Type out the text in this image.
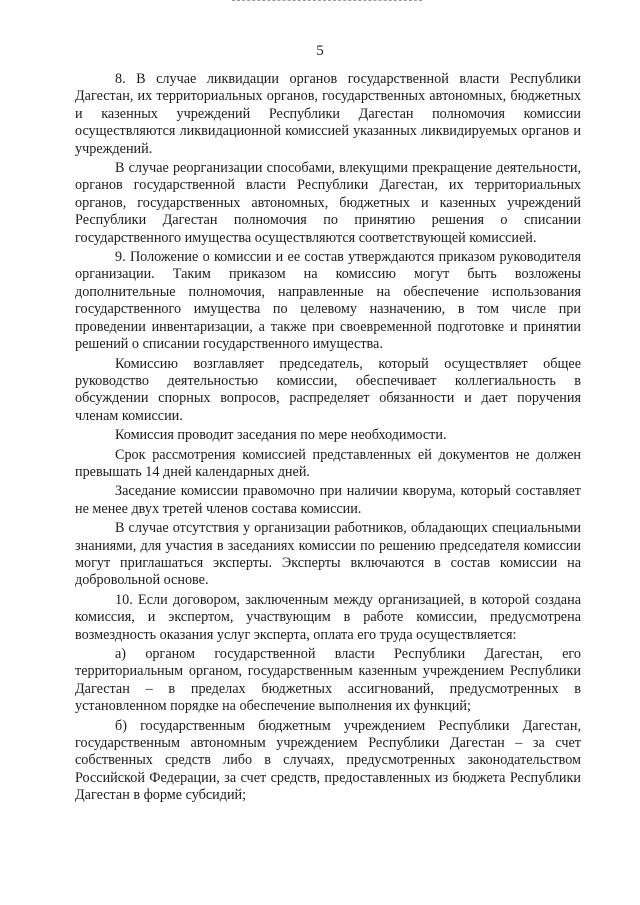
5

8. В случае ликвидации органов государственной власти Республики Дагестан, их территориальных органов, государственных автономных, бюджетных и казенных учреждений Республики Дагестан полномочия комиссии осуществляются ликвидационной комиссией указанных ликвидируемых органов и учреждений.

В случае реорганизации способами, влекущими прекращение деятельности, органов государственной власти Республики Дагестан, их территориальных органов, государственных автономных, бюджетных и казенных учреждений Республики Дагестан полномочия по принятию решения о списании государственного имущества осуществляются соответствующей комиссией.

9. Положение о комиссии и ее состав утверждаются приказом руководителя организации. Таким приказом на комиссию могут быть возложены дополнительные полномочия, направленные на обеспечение использования государственного имущества по целевому назначению, в том числе при проведении инвентаризации, а также при своевременной подготовке и принятии решений о списании государственного имущества.

Комиссию возглавляет председатель, который осуществляет общее руководство деятельностью комиссии, обеспечивает коллегиальность в обсуждении спорных вопросов, распределяет обязанности и дает поручения членам комиссии.

Комиссия проводит заседания по мере необходимости.

Срок рассмотрения комиссией представленных ей документов не должен превышать 14 дней календарных дней.

Заседание комиссии правомочно при наличии кворума, который составляет не менее двух третей членов состава комиссии.

В случае отсутствия у организации работников, обладающих специальными знаниями, для участия в заседаниях комиссии по решению председателя комиссии могут приглашаться эксперты. Эксперты включаются в состав комиссии на добровольной основе.

10. Если договором, заключенным между организацией, в которой создана комиссия, и экспертом, участвующим в работе комиссии, предусмотрена возмездность оказания услуг эксперта, оплата его труда осуществляется:

а) органом государственной власти Республики Дагестан, его территориальным органом, государственным казенным учреждением Республики Дагестан – в пределах бюджетных ассигнований, предусмотренных в установленном порядке на обеспечение выполнения их функций;

б) государственным бюджетным учреждением Республики Дагестан, государственным автономным учреждением Республики Дагестан – за счет собственных средств либо в случаях, предусмотренных законодательством Российской Федерации, за счет средств, предоставленных из бюджета Республики Дагестан в форме субсидий;
